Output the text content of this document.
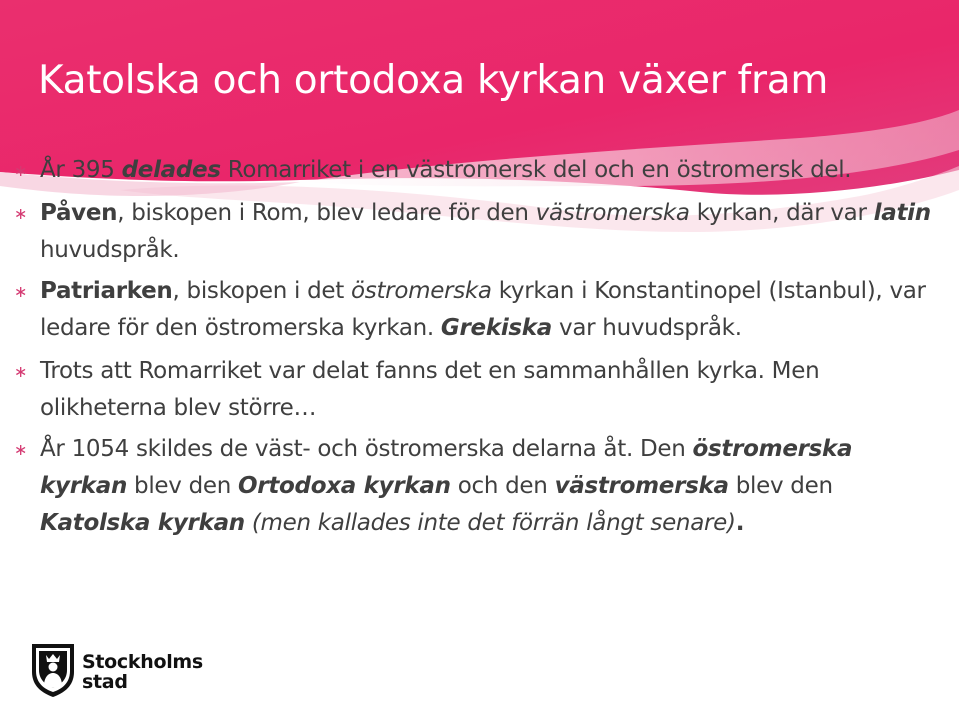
Katolska och ortodoxa kyrkan växer fram
∗ År 395 delades Romarriket i en västromersk del och en östromersk del.
∗ Påven, biskopen i Rom, blev ledare för den västromerska kyrkan, där var latin huvudspråk.
∗ Patriarken, biskopen i det östromerska kyrkan i Konstantinopel (Istanbul), var ledare för den östromerska kyrkan. Grekiska var huvudspråk.
∗ Trots att Romarriket var delat fanns det en sammanhållen kyrka. Men olikheterna blev större…
∗ År 1054 skildes de väst- och östromerska delarna åt. Den östromerska kyrkan blev den Ortodoxa kyrkan och den västromerska blev den Katolska kyrkan (men kallades inte det förrän långt senare).
Stockholms
stad
